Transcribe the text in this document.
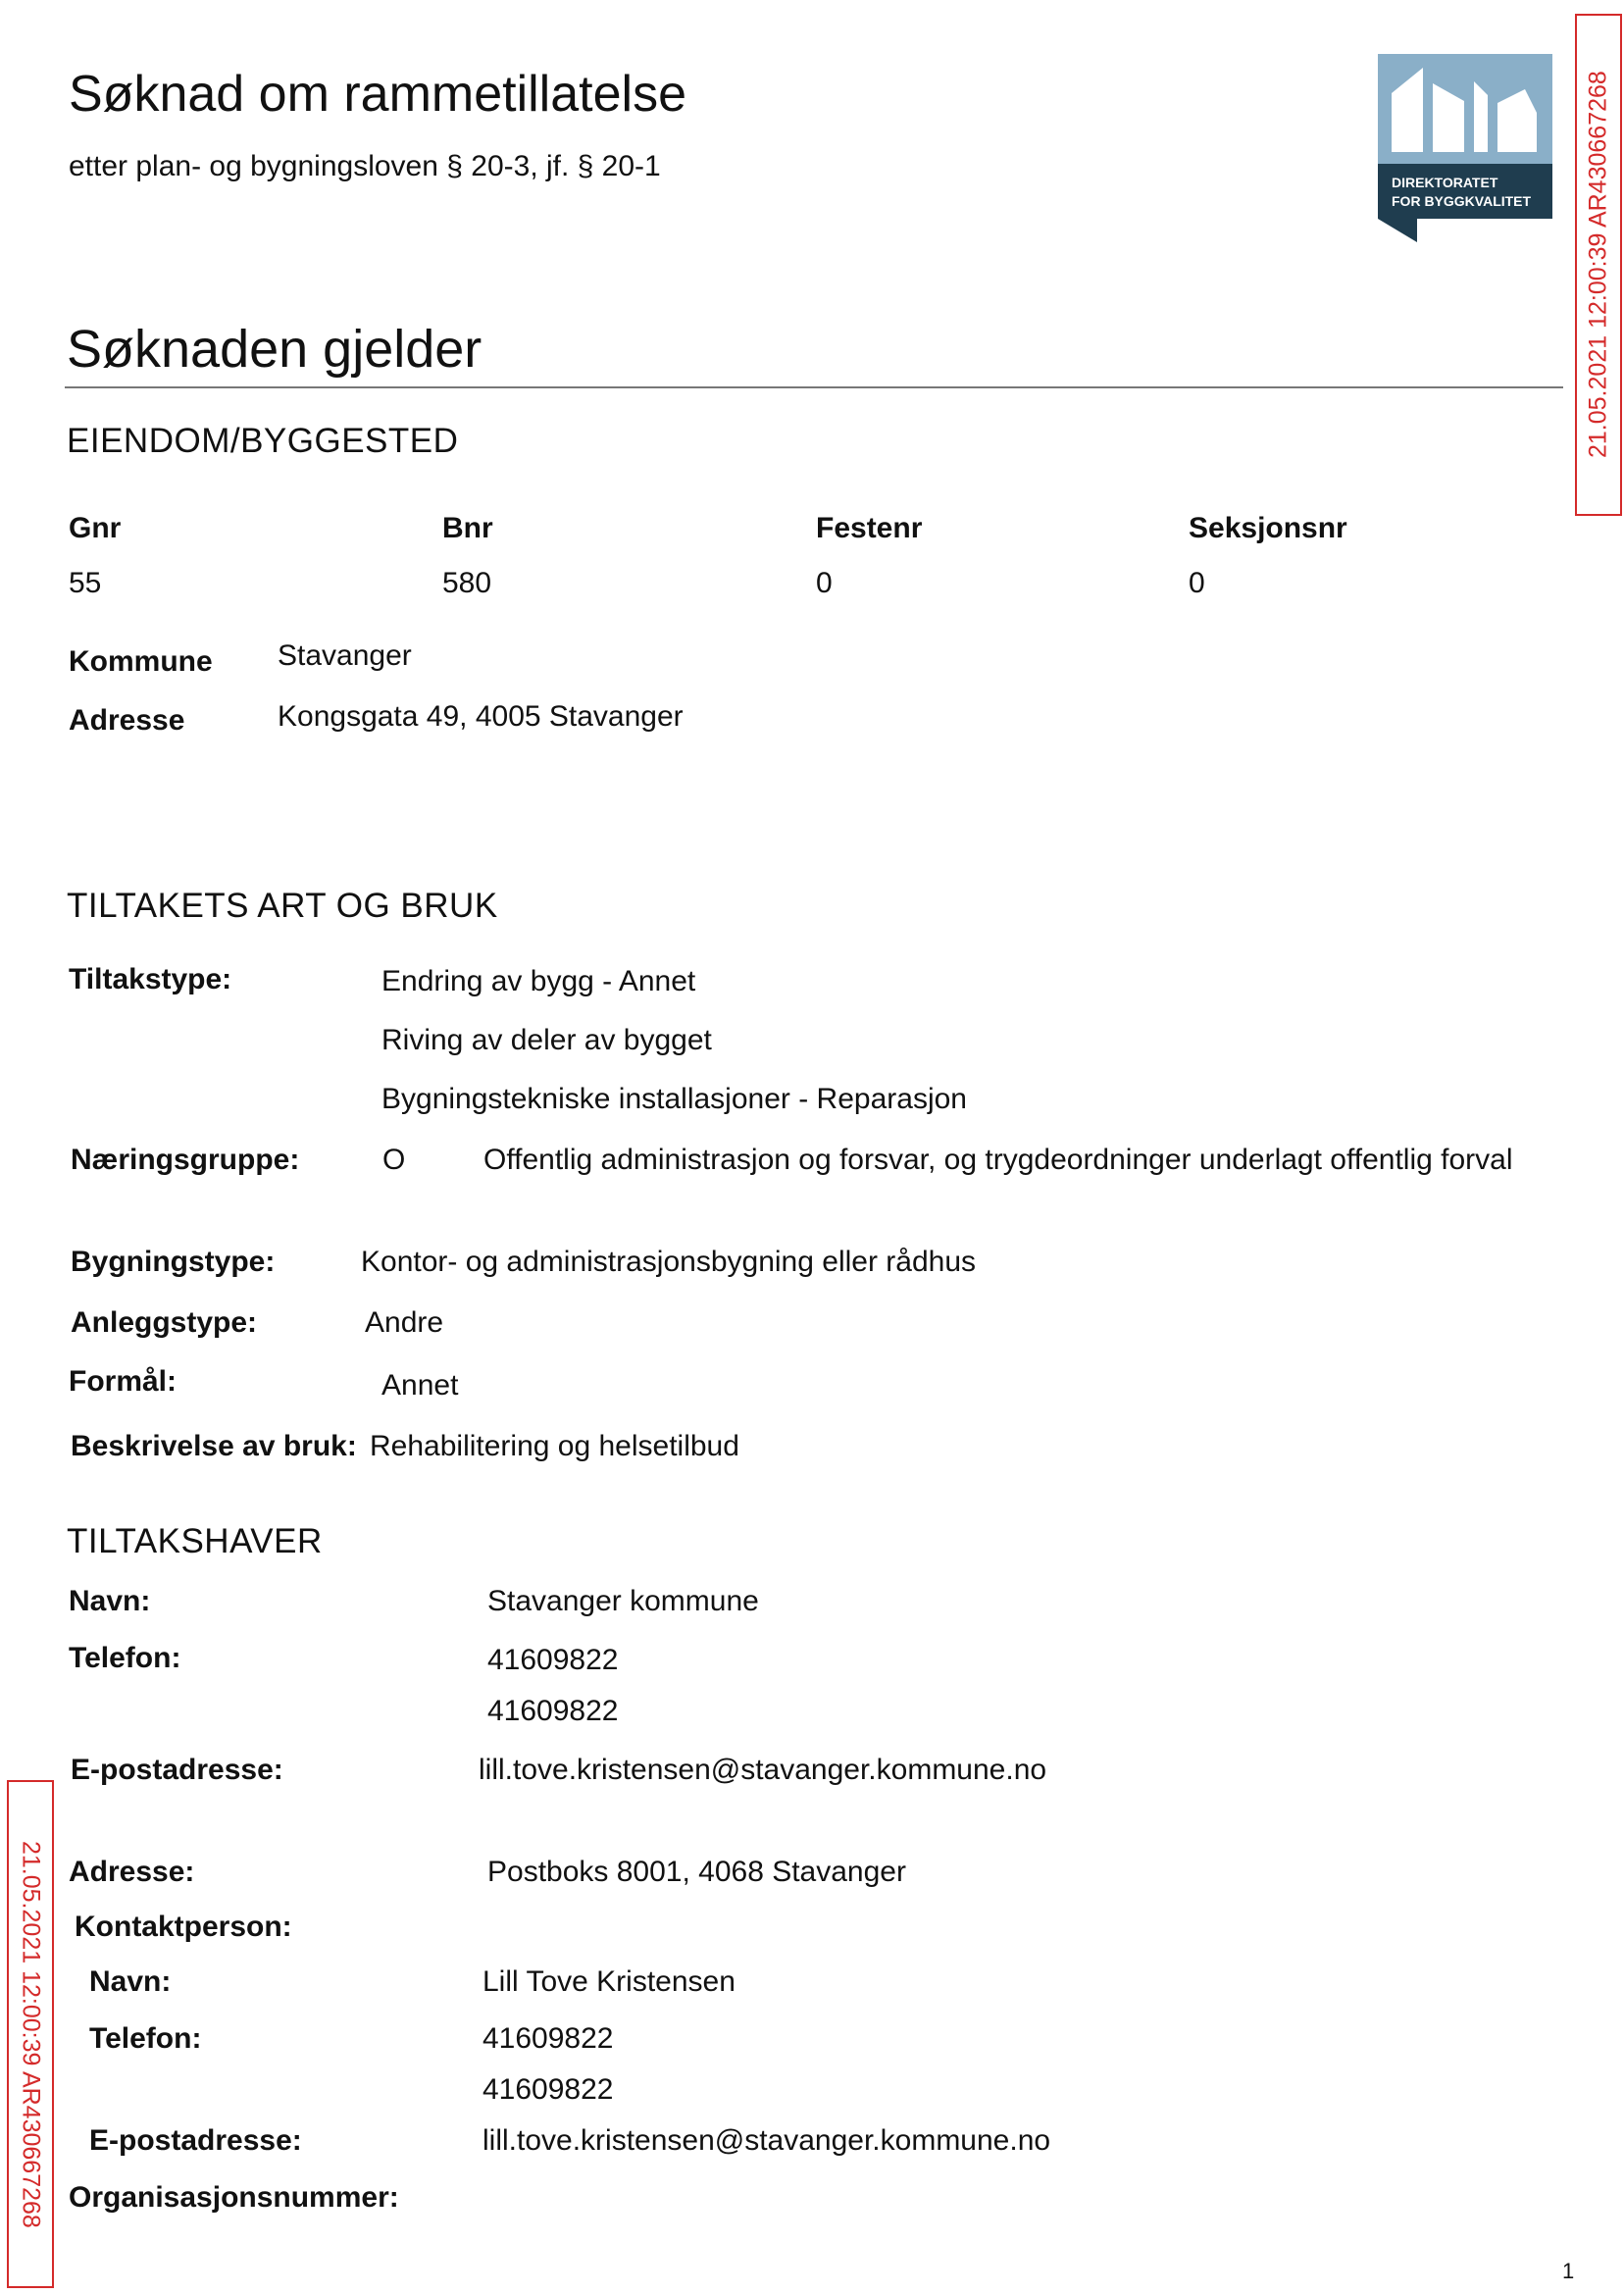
Søknad om rammetillatelse
etter plan- og bygningsloven § 20-3, jf. § 20-1	DIREKTORATET
FOR BYGGKVALITET	21.05.2021 12:00:39 AR430667268
21.05.2021 12:00:39 AR430667268
Søknaden gjelder
EIENDOM/BYGGESTED
Gnr	Bnr	Festenr	Seksjonsnr
55	580	0	0
Kommune Stavanger
Adresse	Kongsgata 49, 4005 Stavanger
TILTAKETS ART OG BRUK
Tiltakstype:	Endring av bygg - Annet
Riving av deler av bygget
Bygningstekniske installasjoner - Reparasjon
Næringsgruppe:	O	Offentlig administrasjon og forsvar, og trygdeordninger underlagt offentlig forval
Bygningstype:	Kontor- og administrasjonsbygning eller rådhus
Anleggstype:	Andre
Formål:	Annet
Beskrivelse av bruk: Rehabilitering og helsetilbud
TILTAKSHAVER
Navn:	Stavanger kommune
Telefon:	41609822
41609822
E-postadresse:	lill.tove.kristensen@stavanger.kommune.no
Adresse:	Postboks 8001, 4068 Stavanger
Kontaktperson:
Navn:	Lill Tove Kristensen
Telefon:	41609822
41609822
E-postadresse:	lill.tove.kristensen@stavanger.kommune.no
Organisasjonsnummer:
1
